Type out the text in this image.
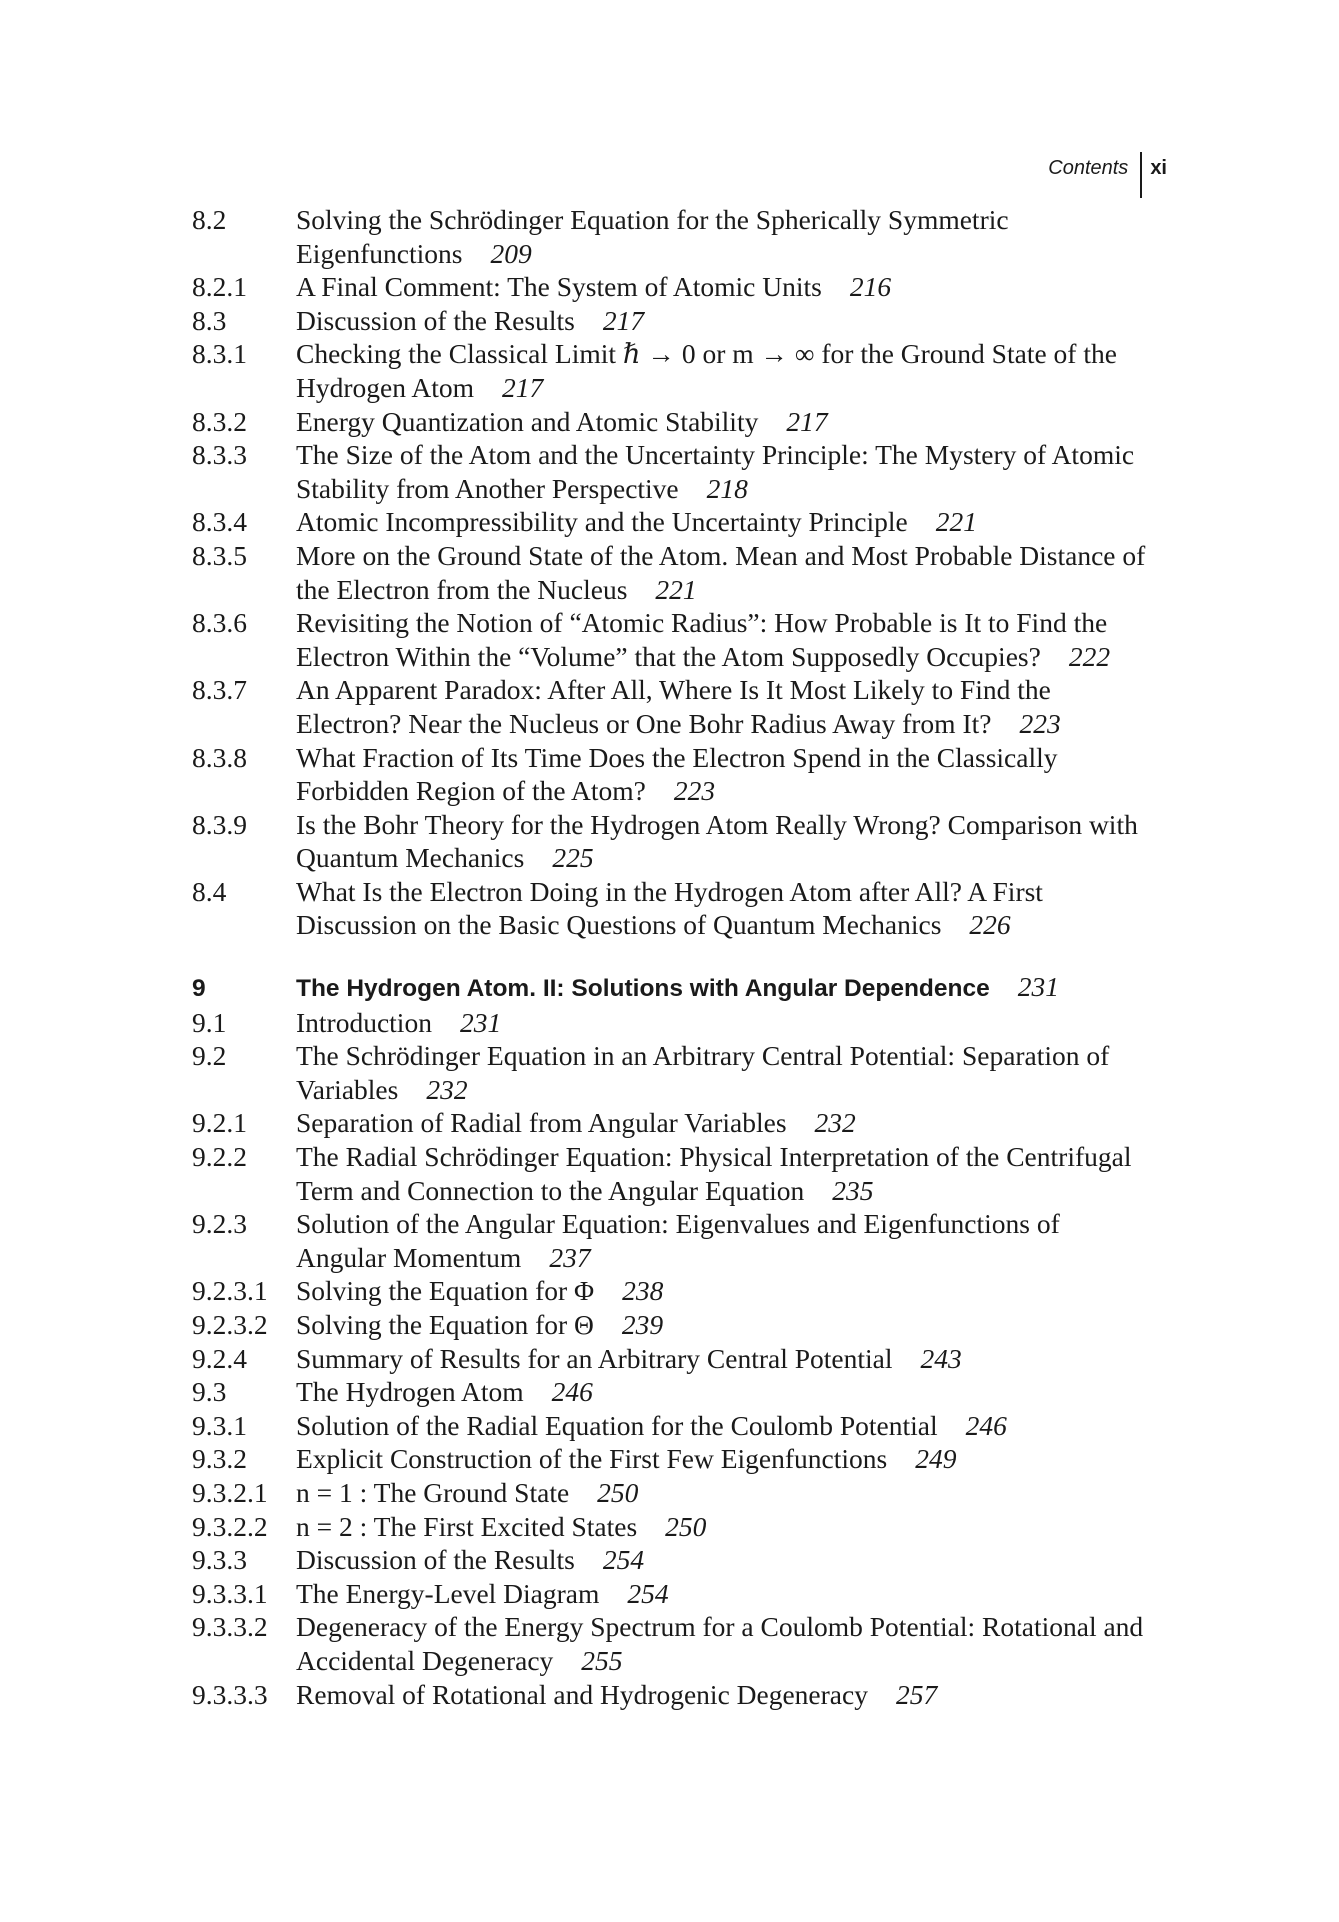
Contents	xi
8.2	Solving the Schrödinger Equation for the Spherically Symmetric Eigenfunctions 209
8.2.1	A Final Comment: The System of Atomic Units 216
8.3	Discussion of the Results 217
8.3.1	Checking the Classical Limit ℏ → 0 or m → ∞ for the Ground State of the Hydrogen Atom 217
8.3.2	Energy Quantization and Atomic Stability 217
8.3.3	The Size of the Atom and the Uncertainty Principle: The Mystery of Atomic Stability from Another Perspective 218
8.3.4	Atomic Incompressibility and the Uncertainty Principle 221
8.3.5	More on the Ground State of the Atom. Mean and Most Probable Distance of the Electron from the Nucleus 221
8.3.6	Revisiting the Notion of “Atomic Radius”: How Probable is It to Find the Electron Within the “Volume” that the Atom Supposedly Occupies? 222
8.3.7	An Apparent Paradox: After All, Where Is It Most Likely to Find the Electron? Near the Nucleus or One Bohr Radius Away from It? 223
8.3.8	What Fraction of Its Time Does the Electron Spend in the Classically Forbidden Region of the Atom? 223
8.3.9	Is the Bohr Theory for the Hydrogen Atom Really Wrong? Comparison with Quantum Mechanics 225
8.4	What Is the Electron Doing in the Hydrogen Atom after All? A First Discussion on the Basic Questions of Quantum Mechanics 226
9	The Hydrogen Atom. II: Solutions with Angular Dependence 231
9.1	Introduction 231
9.2	The Schrödinger Equation in an Arbitrary Central Potential: Separation of Variables 232
9.2.1	Separation of Radial from Angular Variables 232
9.2.2	The Radial Schrödinger Equation: Physical Interpretation of the Centrifugal Term and Connection to the Angular Equation 235
9.2.3	Solution of the Angular Equation: Eigenvalues and Eigenfunctions of Angular Momentum 237
9.2.3.1	Solving the Equation for Φ 238
9.2.3.2	Solving the Equation for Θ 239
9.2.4	Summary of Results for an Arbitrary Central Potential 243
9.3	The Hydrogen Atom 246
9.3.1	Solution of the Radial Equation for the Coulomb Potential 246
9.3.2	Explicit Construction of the First Few Eigenfunctions 249
9.3.2.1	n = 1 : The Ground State 250
9.3.2.2	n = 2 : The First Excited States 250
9.3.3	Discussion of the Results 254
9.3.3.1	The Energy-Level Diagram 254
9.3.3.2	Degeneracy of the Energy Spectrum for a Coulomb Potential: Rotational and Accidental Degeneracy 255
9.3.3.3	Removal of Rotational and Hydrogenic Degeneracy 257
